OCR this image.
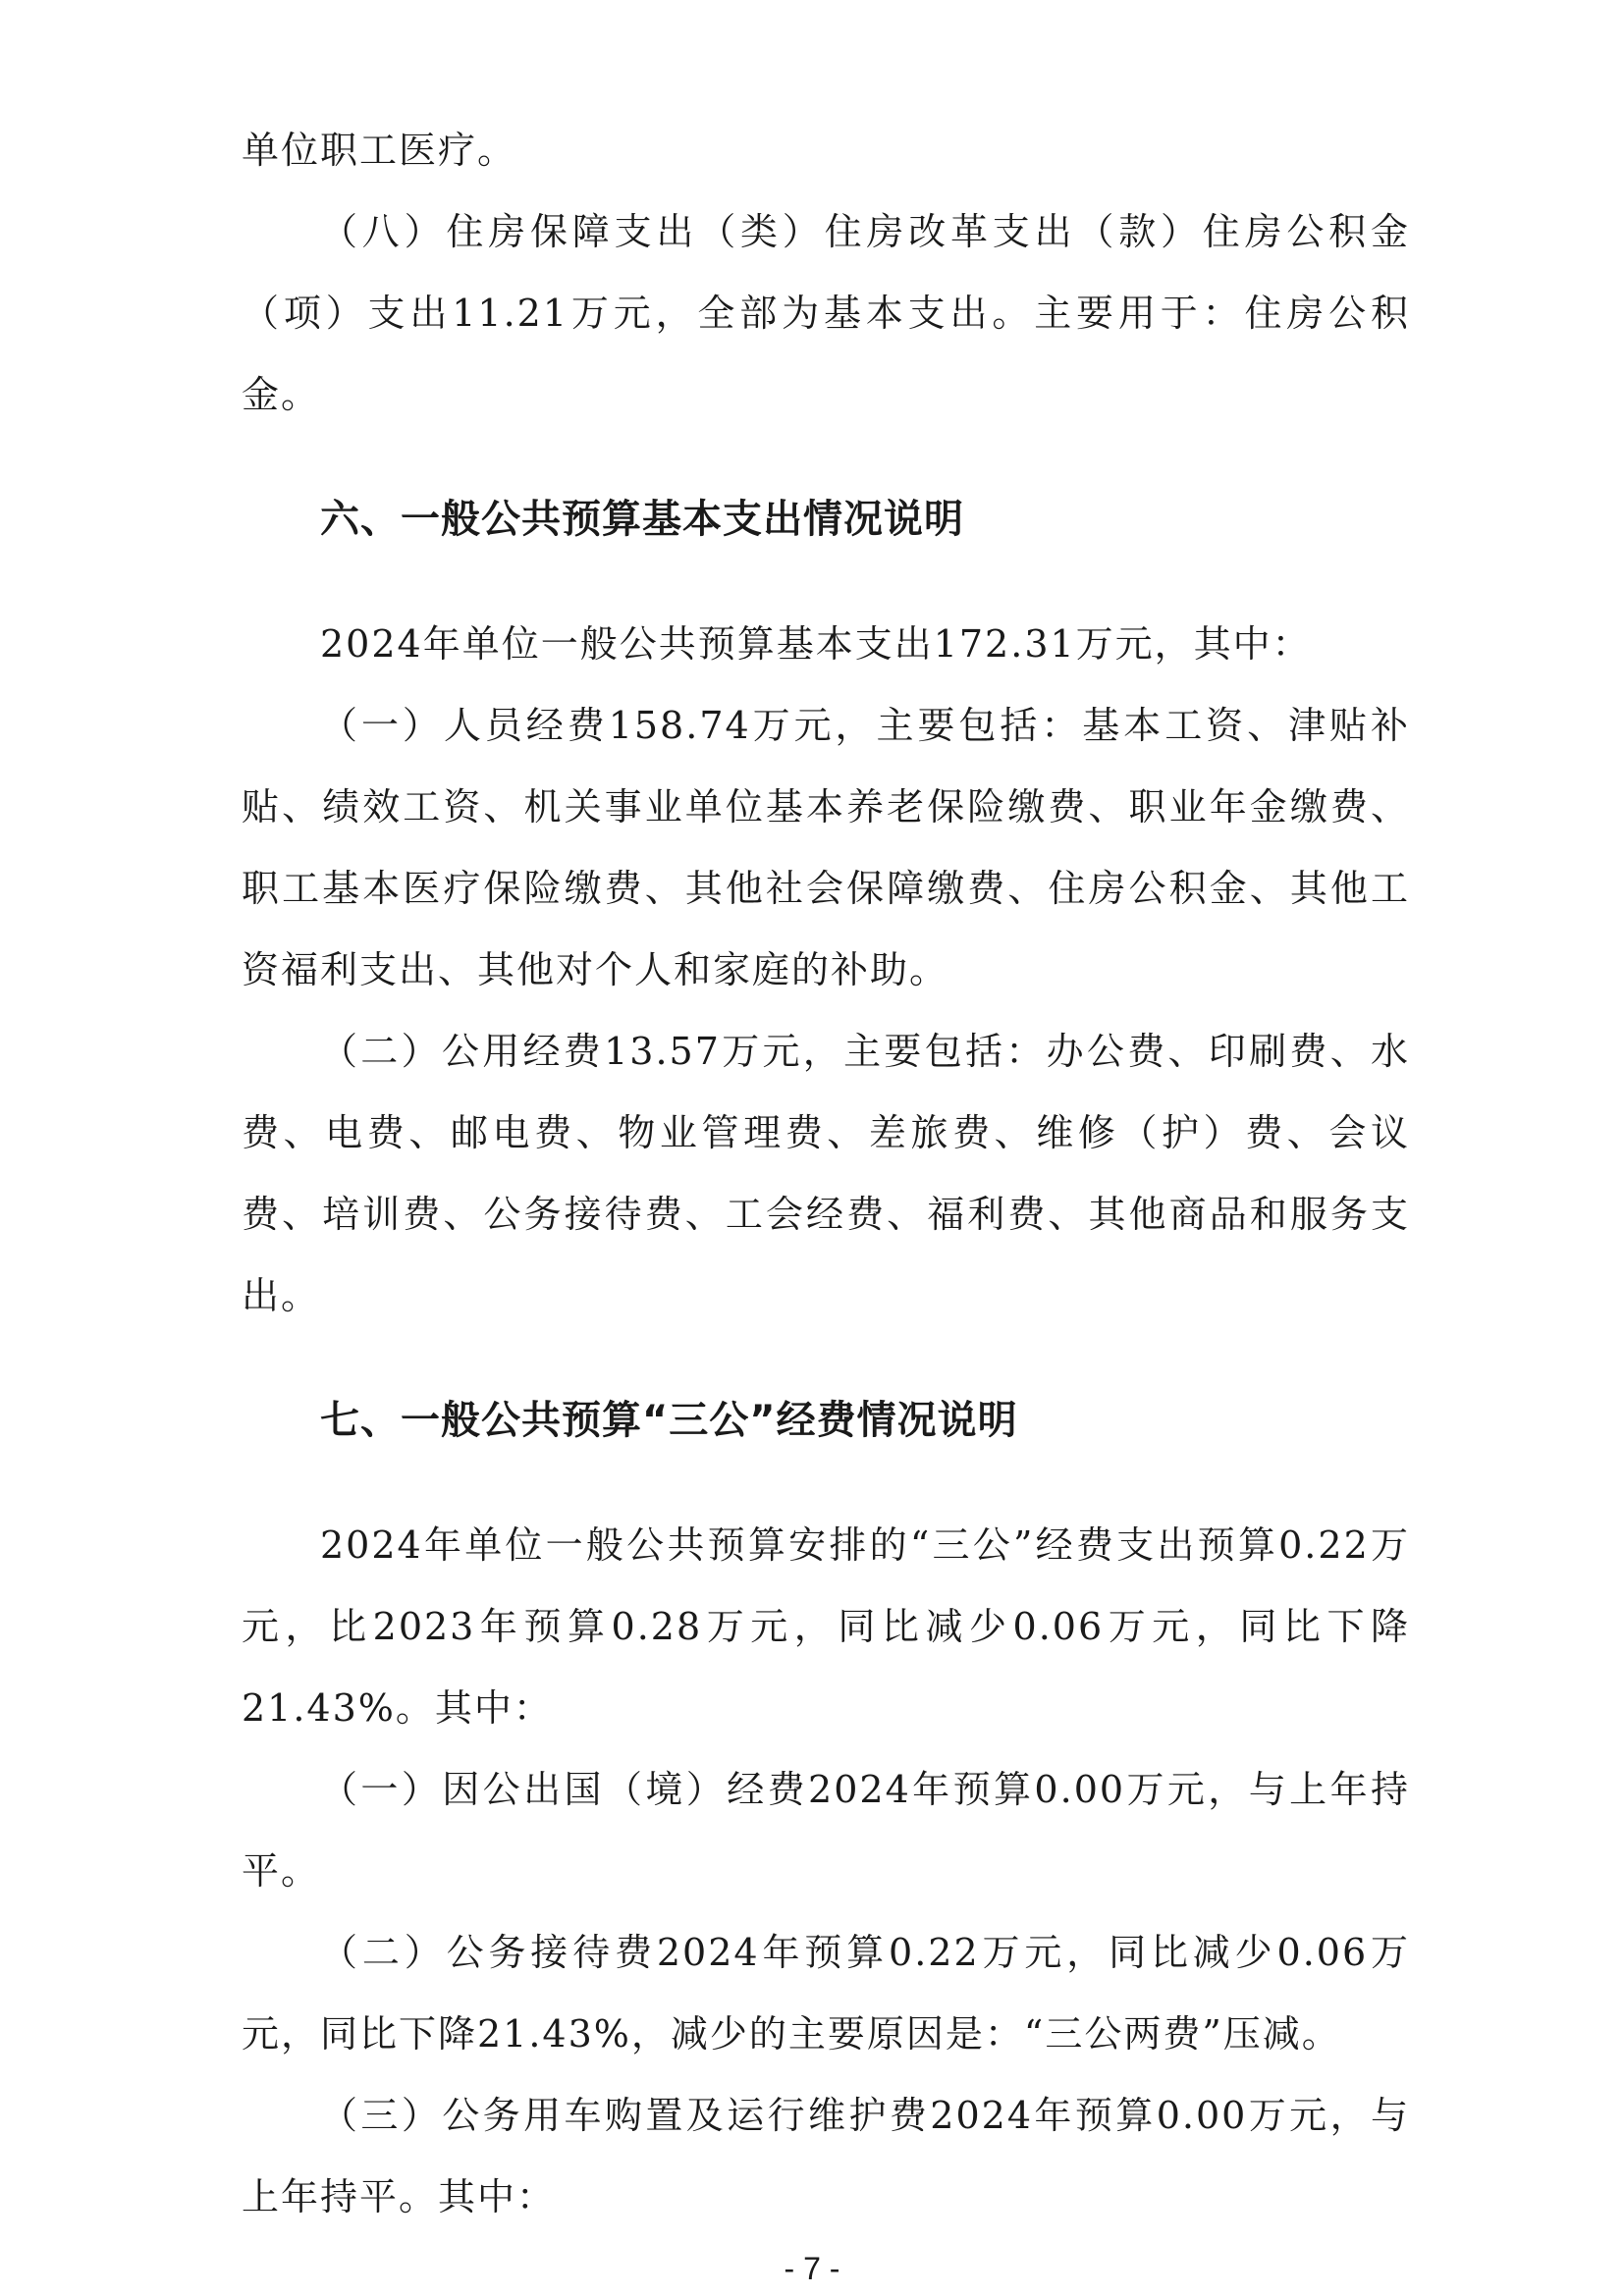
单位职工医疗。

（八）住房保障支出（类）住房改革支出（款）住房公积金（项）支出11.21万元，全部为基本支出。主要用于：住房公积金。

六、一般公共预算基本支出情况说明

2024年单位一般公共预算基本支出172.31万元，其中：

（一）人员经费158.74万元，主要包括：基本工资、津贴补贴、绩效工资、机关事业单位基本养老保险缴费、职业年金缴费、职工基本医疗保险缴费、其他社会保障缴费、住房公积金、其他工资福利支出、其他对个人和家庭的补助。

（二）公用经费13.57万元，主要包括：办公费、印刷费、水费、电费、邮电费、物业管理费、差旅费、维修（护）费、会议费、培训费、公务接待费、工会经费、福利费、其他商品和服务支出。

七、一般公共预算“三公”经费情况说明

2024年单位一般公共预算安排的“三公”经费支出预算0.22万元，比2023年预算0.28万元，同比减少0.06万元，同比下降21.43%。其中：

（一）因公出国（境）经费2024年预算0.00万元，与上年持平。

（二）公务接待费2024年预算0.22万元，同比减少0.06万元，同比下降21.43%，减少的主要原因是：“三公两费”压减。

（三）公务用车购置及运行维护费2024年预算0.00万元，与上年持平。其中：

- 7 -
